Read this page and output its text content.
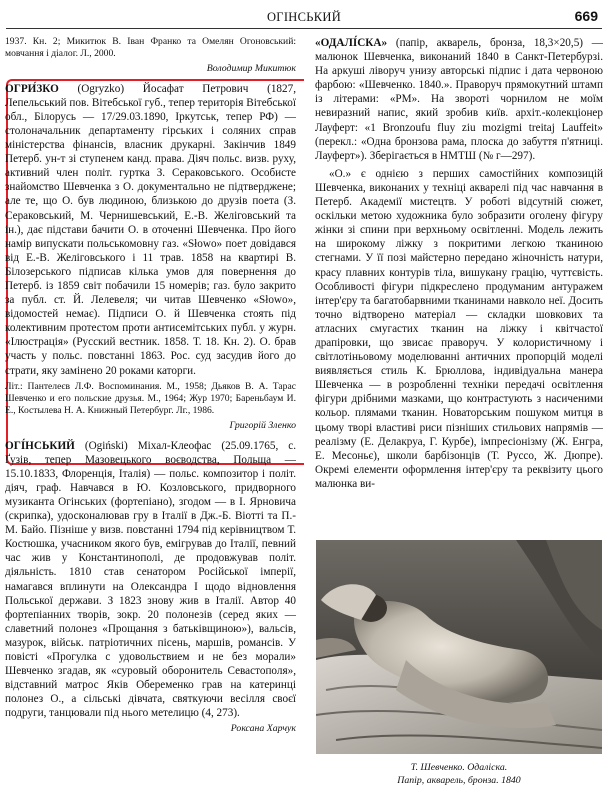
ОГІНСЬКИЙ	669

1937. Кн. 2; Микитюк В. Іван Франко та Омелян Огоновський: мовчання і діалог. Л., 2000.

Володимир Микитюк

ОГРИ́ЗКО (Ogryzko) Йосафат Петрович (1827, Лепельський пов. Вітебської губ., тепер територія Вітебської обл., Білорусь — 17/29.03.1890, Іркутськ, тепер РФ) — столоначальник департаменту гірських і соляних справ міністерства фінансів, власник друкарні. Закінчив 1849 Петерб. ун-т зі ступенем канд. права. Діяч польс. визв. руху, активний член політ. гуртка З. Сераковського. Особисте знайомство Шевченка з О. документально не підтверджене; але те, що О. був людиною, близькою до друзів поета (З. Сераковський, М. Чернишевський, Е.-В. Желіговський та ін.), дає підстави бачити О. в оточенні Шевченка. Про його намір випускати польськомовну газ. «Słowo» поет довідався від Е.-В. Желіговського і 11 трав. 1858 на квартирі В. Білозерського підписав кілька умов для повернення до Петерб. із 1859 світ побачили 15 номерів; газ. було закрито за публ. ст. Й. Лелевеля; чи читав Шевченко «Słowo», відомостей немає). Підписи О. й Шевченка стоять під колективним протестом проти антисемітських публ. у журн. «Ілюстрація» (Русский вестник. 1858. Т. 18. Кн. 2). О. брав участь у польс. повстанні 1863. Рос. суд засудив його до страти, яку замінено 20 роками каторги.

Літ.: Пантелеєв Л.Ф. Воспоминания. М., 1958; Дьяков В. А. Тарас Шевченко и его польские друзья. М., 1964; Жур 1970; Бареньбаум И. Е., Костылева Н. А. Книжный Петербург. Лг., 1986.

Григорій Зленко

ОГІ́НСЬКИЙ (Ogiński) Міхал-Клеофас (25.09.1765, с. Ґузів, тепер Мазовецького воєводства, Польща — 15.10.1833, Флоренція, Італія) — польс. композитор і політ. діяч, граф. Навчався в Ю. Козловського, придворного музиканта Огінських (фортепіано), згодом — в І. Ярновича (скрипка), удосконалював гру в Італії в Дж.-Б. Віотті та П.-М. Байо. Пізніше у визв. повстанні 1794 під керівництвом Т. Костюшка, учасником якого був, емігрував до Італії, певний час жив у Константинополі, де продовжував політ. діяльність. 1810 став сенатором Російської імперії, намагався вплинути на Олександра I щодо відновлення Польської держави. З 1823 знову жив в Італії. Автор 40 фортепіанних творів, зокр. 20 полонезів (серед яких — славетний полонез «Прощання з батьківщиною»), вальсів, мазурок, військ. патріотичних пісень, маршів, романсів. У повісті «Прогулка с удовольствием и не без морали» Шевченко згадав, як «суровый оборонитель Севастополя», відставний матрос Яків Обеременко грав на катеринці полонез О., а сільські дівчата, святкуючи весілля своєї подруги, танцювали під нього метелицю (4, 273).

Роксана Харчук

«ОДАЛІ́СКА» (папір, акварель, бронза, 18,3×20,5) — малюнок Шевченка, виконаний 1840 в Санкт-Петербурзі. На аркуші ліворуч унизу авторські підпис і дата червоною фарбою: «Шевченко. 1840.». Праворуч прямокутний штамп із літерами: «РМ». На звороті чорнилом не моїм невиразний напис, який зробив київ. архіт.-колекціонер Лауферт: «1 Bronzoufu fluy ziu mozigmi treitaj Lauffeit» (перекл.: «Одна бронзова рама, плоска до забуття п'ятниці. Лауферт»). Зберігається в НМТШ (№ г—297).

«О.» є однією з перших самостійних композицій Шевченка, виконаних у техніці акварелі під час навчання в Петерб. Академії мистецтв. У роботі відсутній сюжет, оскільки метою художника було зобразити оголену фігуру жінки зі спини при верхньому освітленні. Модель лежить на широкому ліжку з покритими легкою тканиною стегнами. У її позі майстерно передано жіночність натури, красу плавних контурів тіла, вишукану грацію, чуттєвість. Особливості фігури підкреслено продуманим антуражем інтер'єру та багатобарвними тканинами навколо неї. Досить точно відтворено матеріал — складки шовкових та атласних смугастих тканин на ліжку і квітчастої драпіровки, що звисає праворуч. У колористичному і світлотіньовому моделюванні античних пропорцій моделі виявляється стиль К. Брюллова, індивідуальна манера Шевченка — в розробленні техніки передачі освітлення фігури дрібними мазками, що контрастують з насиченими кольор. плямами тканин. Новаторським пошуком митця в цьому творі властиві риси пізніших стильових напрямів — реалізму (Е. Делакруа, Г. Курбе), імпресіонізму (Ж. Енгра, Е. Месоньє), школи барбізонців (Т. Руссо, Ж. Дюпре). Окремі елементи оформлення інтер'єру та реквізиту цього малюнка ви-

Т. Шевченко. Одаліска.
Папір, акварель, бронза. 1840
